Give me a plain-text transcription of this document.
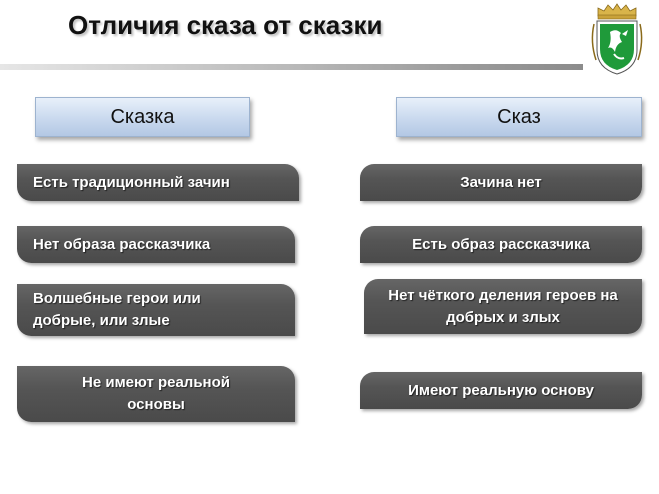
Отличия сказа от сказки
Сказка	Сказ
Есть традиционный зачин
Нет образа рассказчика
Волшебные герои или добрые, или злые
Не имеют реальной основы
Зачина нет
Есть образ рассказчика
Нет чёткого деления героев на добрых и злых
Имеют реальную основу
